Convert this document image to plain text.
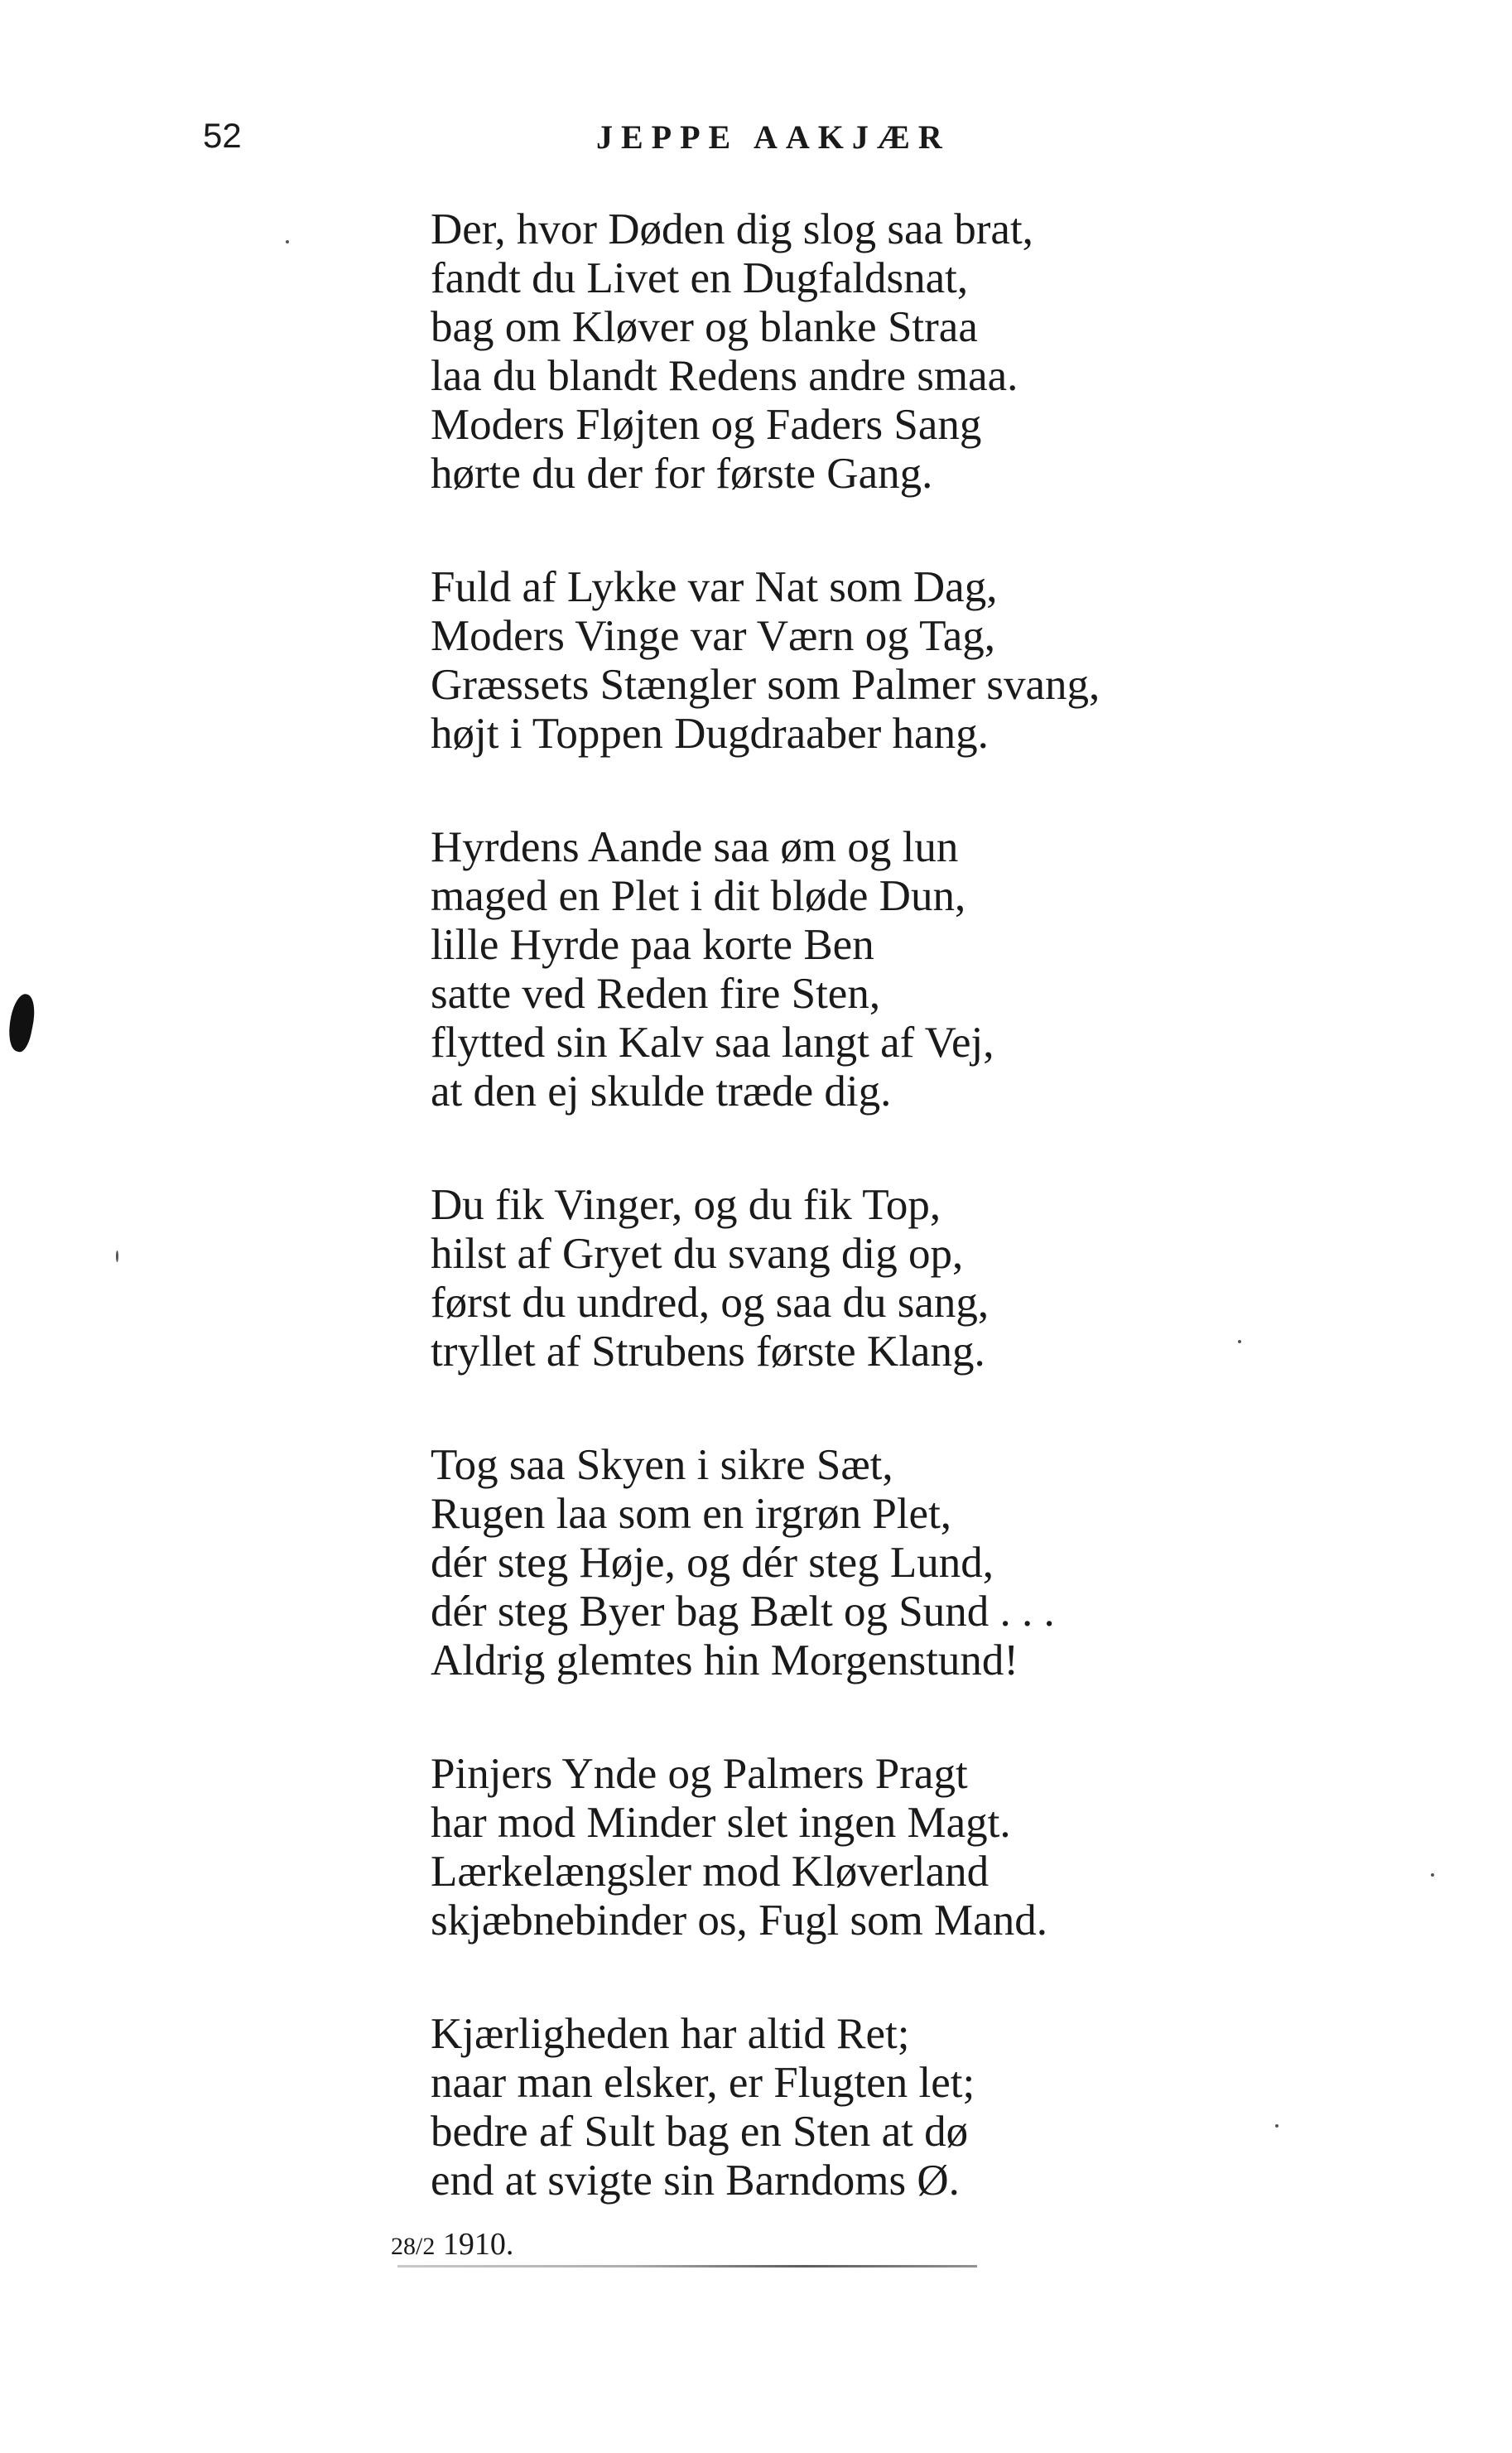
52	JEPPE AAKJÆR
Der, hvor Døden dig slog saa brat,
fandt du Livet en Dugfaldsnat,
bag om Kløver og blanke Straa
laa du blandt Redens andre smaa.
Moders Fløjten og Faders Sang
hørte du der for første Gang.
Fuld af Lykke var Nat som Dag,
Moders Vinge var Værn og Tag,
Græssets Stængler som Palmer svang,
højt i Toppen Dugdraaber hang.
Hyrdens Aande saa øm og lun
maged en Plet i dit bløde Dun,
lille Hyrde paa korte Ben
satte ved Reden fire Sten,
flytted sin Kalv saa langt af Vej,
at den ej skulde træde dig.
Du fik Vinger, og du fik Top,
hilst af Gryet du svang dig op,
først du undred, og saa du sang,
tryllet af Strubens første Klang.
Tog saa Skyen i sikre Sæt,
Rugen laa som en irgrøn Plet,
dér steg Høje, og dér steg Lund,
dér steg Byer bag Bælt og Sund . . .
Aldrig glemtes hin Morgenstund!
Pinjers Ynde og Palmers Pragt
har mod Minder slet ingen Magt.
Lærkelængsler mod Kløverland
skjæbnebinder os, Fugl som Mand.
Kjærligheden har altid Ret;
naar man elsker, er Flugten let;
bedre af Sult bag en Sten at dø
end at svigte sin Barndoms Ø.
28/2 1910.
